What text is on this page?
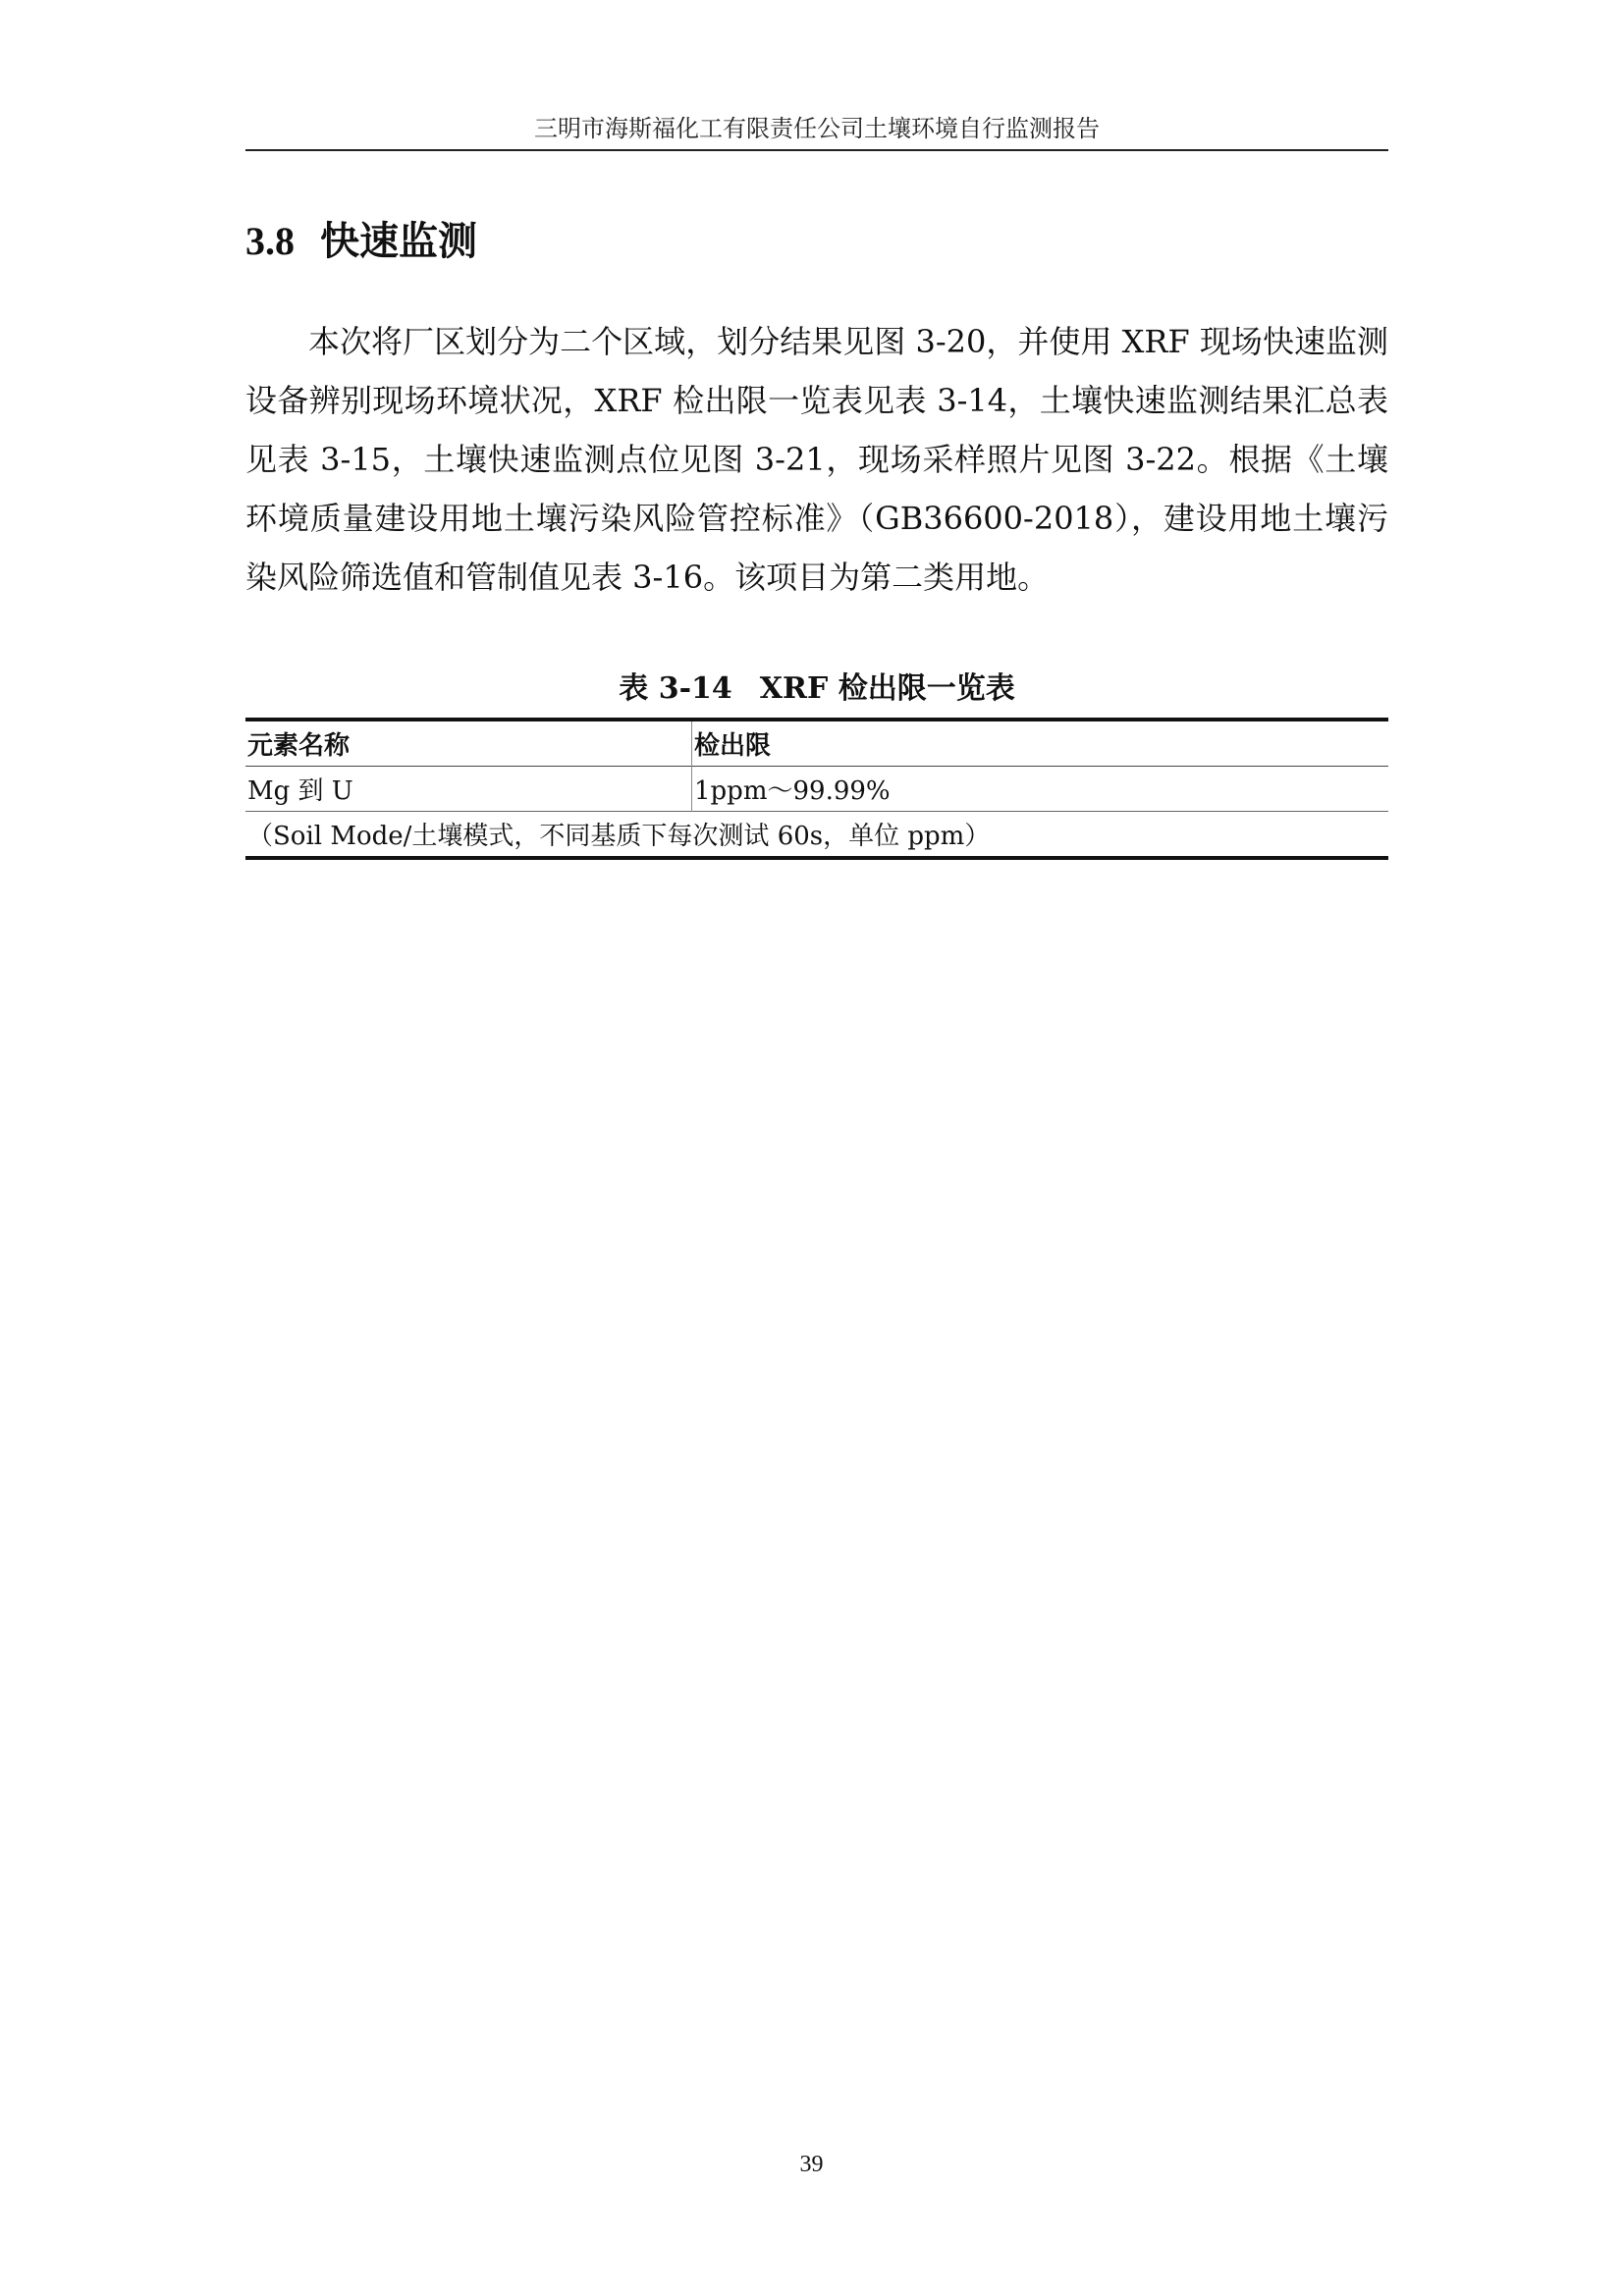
三明市海斯福化工有限责任公司土壤环境自行监测报告
3.8 快速监测

本次将厂区划分为二个区域，划分结果见图 3-20，并使用 XRF 现场快速监测设备辨别现场环境状况，XRF 检出限一览表见表 3-14，土壤快速监测结果汇总表见表 3-15，土壤快速监测点位见图 3-21，现场采样照片见图 3-22。根据《土壤环境质量建设用地土壤污染风险管控标准》（GB36600-2018），建设用地土壤污染风险筛选值和管制值见表 3-16。该项目为第二类用地。

表 3-14 XRF 检出限一览表
元素名称	检出限
Mg 到 U	1ppm～99.99%
（Soil Mode/土壤模式，不同基质下每次测试 60s，单位 ppm）	
39
